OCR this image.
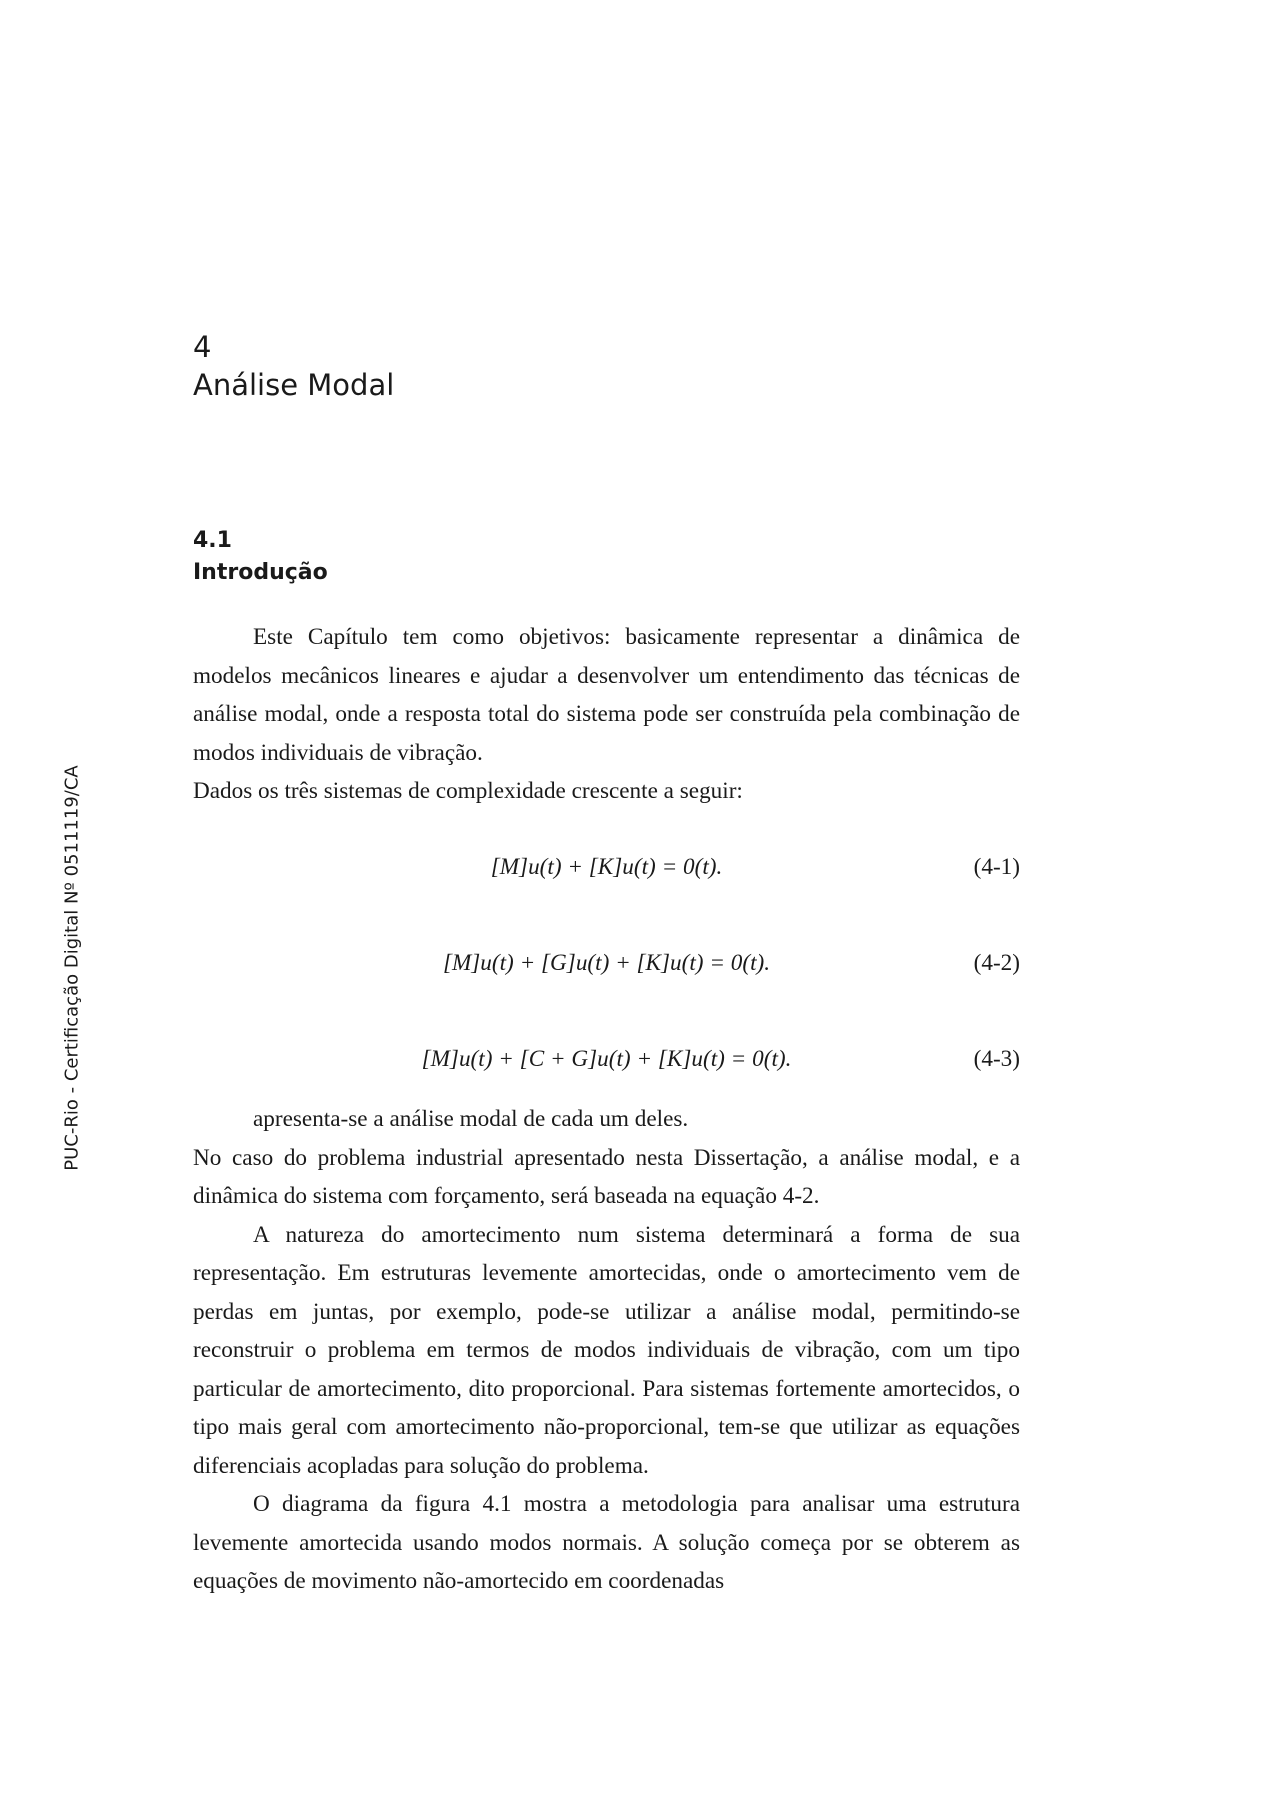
PUC-Rio - Certificação Digital Nº 0511119/CA
4
Análise Modal
4.1
Introdução

Este Capítulo tem como objetivos: basicamente representar a dinâmica de modelos mecânicos lineares e ajudar a desenvolver um entendimento das técnicas de análise modal, onde a resposta total do sistema pode ser construída pela combinação de modos individuais de vibração.

Dados os três sistemas de complexidade crescente a seguir:

[M]u(t) + [K]u(t) = 0(t).	(4-1)
[M]u(t) + [G]u(t) + [K]u(t) = 0(t).	(4-2)
[M]u(t) + [C + G]u(t) + [K]u(t) = 0(t).	(4-3)

apresenta-se a análise modal de cada um deles.

No caso do problema industrial apresentado nesta Dissertação, a análise modal, e a dinâmica do sistema com forçamento, será baseada na equação 4-2.

A natureza do amortecimento num sistema determinará a forma de sua representação. Em estruturas levemente amortecidas, onde o amortecimento vem de perdas em juntas, por exemplo, pode-se utilizar a análise modal, permitindo-se reconstruir o problema em termos de modos individuais de vibração, com um tipo particular de amortecimento, dito proporcional. Para sistemas fortemente amortecidos, o tipo mais geral com amortecimento não-proporcional, tem-se que utilizar as equações diferenciais acopladas para solução do problema.

O diagrama da figura 4.1 mostra a metodologia para analisar uma estrutura levemente amortecida usando modos normais. A solução começa por se obterem as equações de movimento não-amortecido em coordenadas
